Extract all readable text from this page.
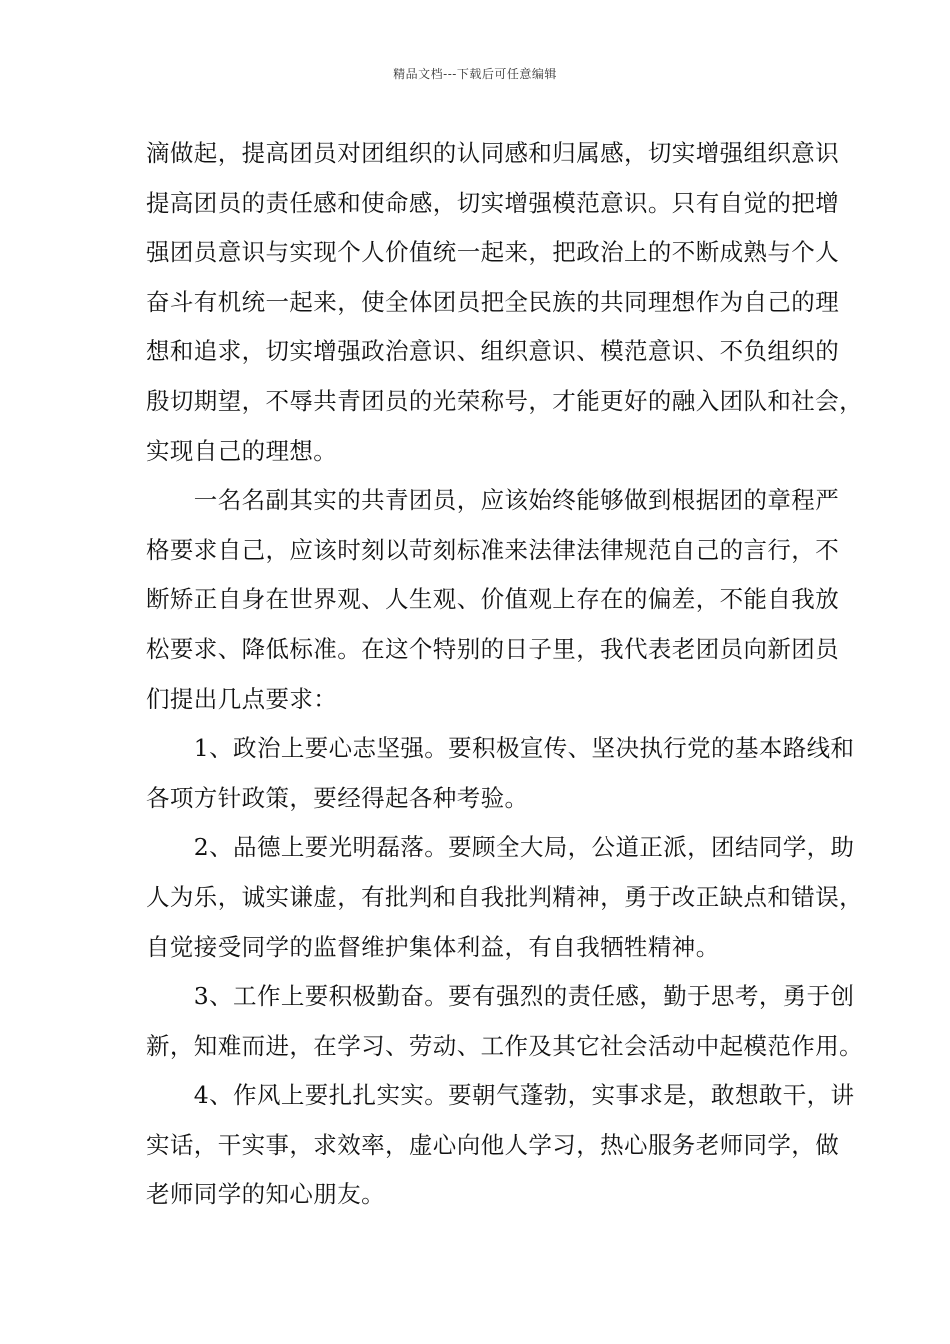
精品文档---下载后可任意编辑
滴做起，提高团员对团组织的认同感和归属感，切实增强组织意识
提高团员的责任感和使命感，切实增强模范意识。只有自觉的把增
强团员意识与实现个人价值统一起来，把政治上的不断成熟与个人
奋斗有机统一起来，使全体团员把全民族的共同理想作为自己的理
想和追求，切实增强政治意识、组织意识、模范意识、不负组织的
殷切期望，不辱共青团员的光荣称号，才能更好的融入团队和社会，
实现自己的理想。
　　一名名副其实的共青团员，应该始终能够做到根据团的章程严
格要求自己，应该时刻以苛刻标准来法律法律规范自己的言行，不
断矫正自身在世界观、人生观、价值观上存在的偏差，不能自我放
松要求、降低标准。在这个特别的日子里，我代表老团员向新团员
们提出几点要求：
　　1、政治上要心志坚强。要积极宣传、坚决执行党的基本路线和
各项方针政策，要经得起各种考验。
　　2、品德上要光明磊落。要顾全大局，公道正派，团结同学，助
人为乐，诚实谦虚，有批判和自我批判精神，勇于改正缺点和错误，
自觉接受同学的监督维护集体利益，有自我牺牲精神。
　　3、工作上要积极勤奋。要有强烈的责任感，勤于思考，勇于创
新，知难而进，在学习、劳动、工作及其它社会活动中起模范作用。
　　4、作风上要扎扎实实。要朝气蓬勃，实事求是，敢想敢干，讲
实话，干实事，求效率，虚心向他人学习，热心服务老师同学，做
老师同学的知心朋友。
